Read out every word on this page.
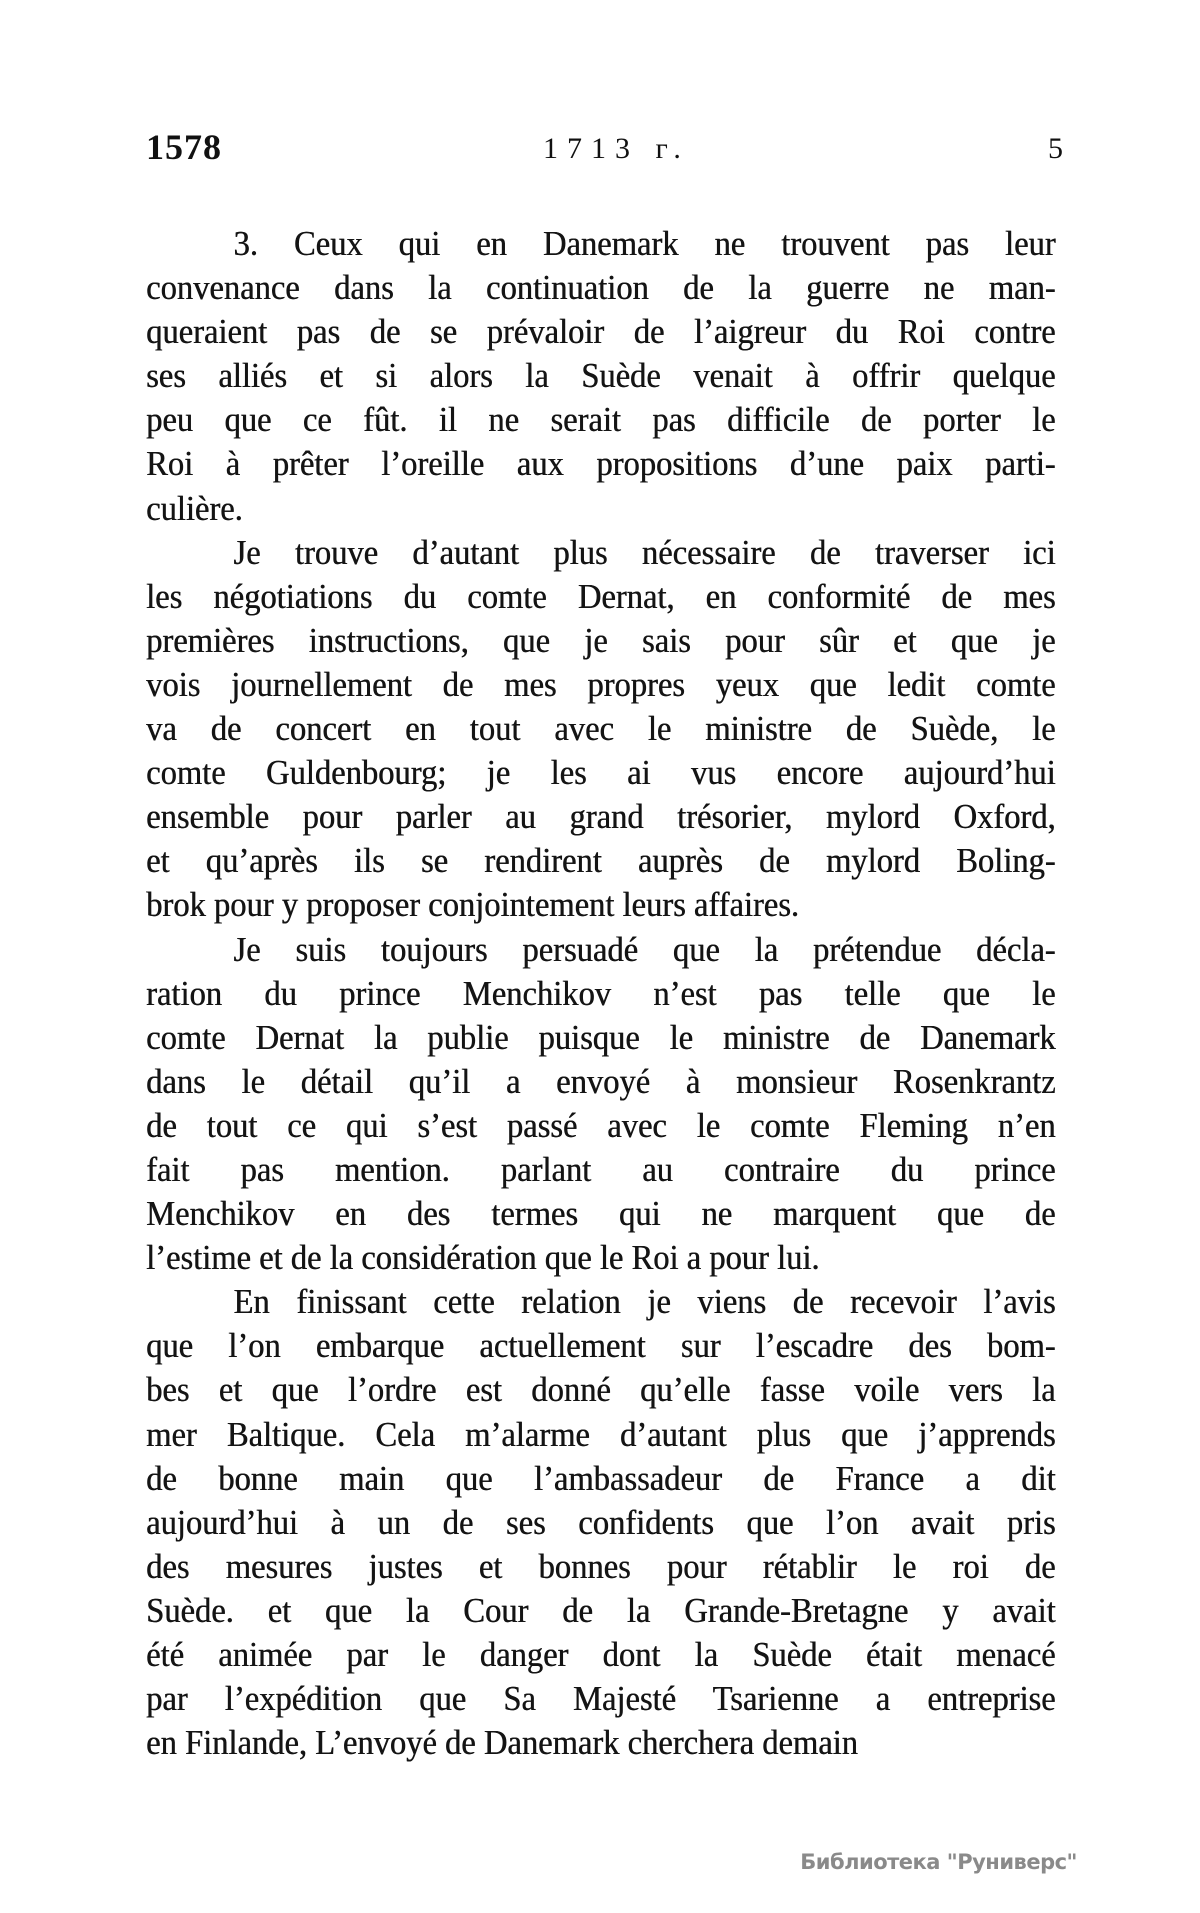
1578	1713 г.	5
3. Ceux qui en Danemark ne trouvent pas leur
convenance dans la continuation de la guerre ne man-
queraient pas de se prévaloir de l’aigreur du Roi contre
ses alliés et si alors la Suède venait à offrir quelque
peu que ce fût. il ne serait pas difficile de porter le
Roi à prêter l’oreille aux propositions d’une paix parti-
culière.
Je trouve d’autant plus nécessaire de traverser ici
les négotiations du comte Dernat, en conformité de mes
premières instructions, que je sais pour sûr et que je
vois journellement de mes propres yeux que ledit comte
va de concert en tout avec le ministre de Suède, le
comte Guldenbourg; je les ai vus encore aujourd’hui
ensemble pour parler au grand trésorier, mylord Oxford,
et qu’après ils se rendirent auprès de mylord Boling-
brok pour y proposer conjointement leurs affaires.
Je suis toujours persuadé que la prétendue décla-
ration du prince Menchikov n’est pas telle que le
comte Dernat la publie puisque le ministre de Danemark
dans le détail qu’il a envoyé à monsieur Rosenkrantz
de tout ce qui s’est passé avec le comte Fleming n’en
fait pas mention. parlant au contraire du prince
Menchikov en des termes qui ne marquent que de
l’estime et de la considération que le Roi a pour lui.
En finissant cette relation je viens de recevoir l’avis
que l’on embarque actuellement sur l’escadre des bom-
bes et que l’ordre est donné qu’elle fasse voile vers la
mer Baltique. Cela m’alarme d’autant plus que j’apprends
de bonne main que l’ambassadeur de France a dit
aujourd’hui à un de ses confidents que l’on avait pris
des mesures justes et bonnes pour rétablir le roi de
Suède. et que la Cour de la Grande-Bretagne y avait
été animée par le danger dont la Suède était menacé
par l’expédition que Sa Majesté Tsarienne a entreprise
en Finlande, L’envoyé de Danemark cherchera demain
Библиотека "Руниверс"
